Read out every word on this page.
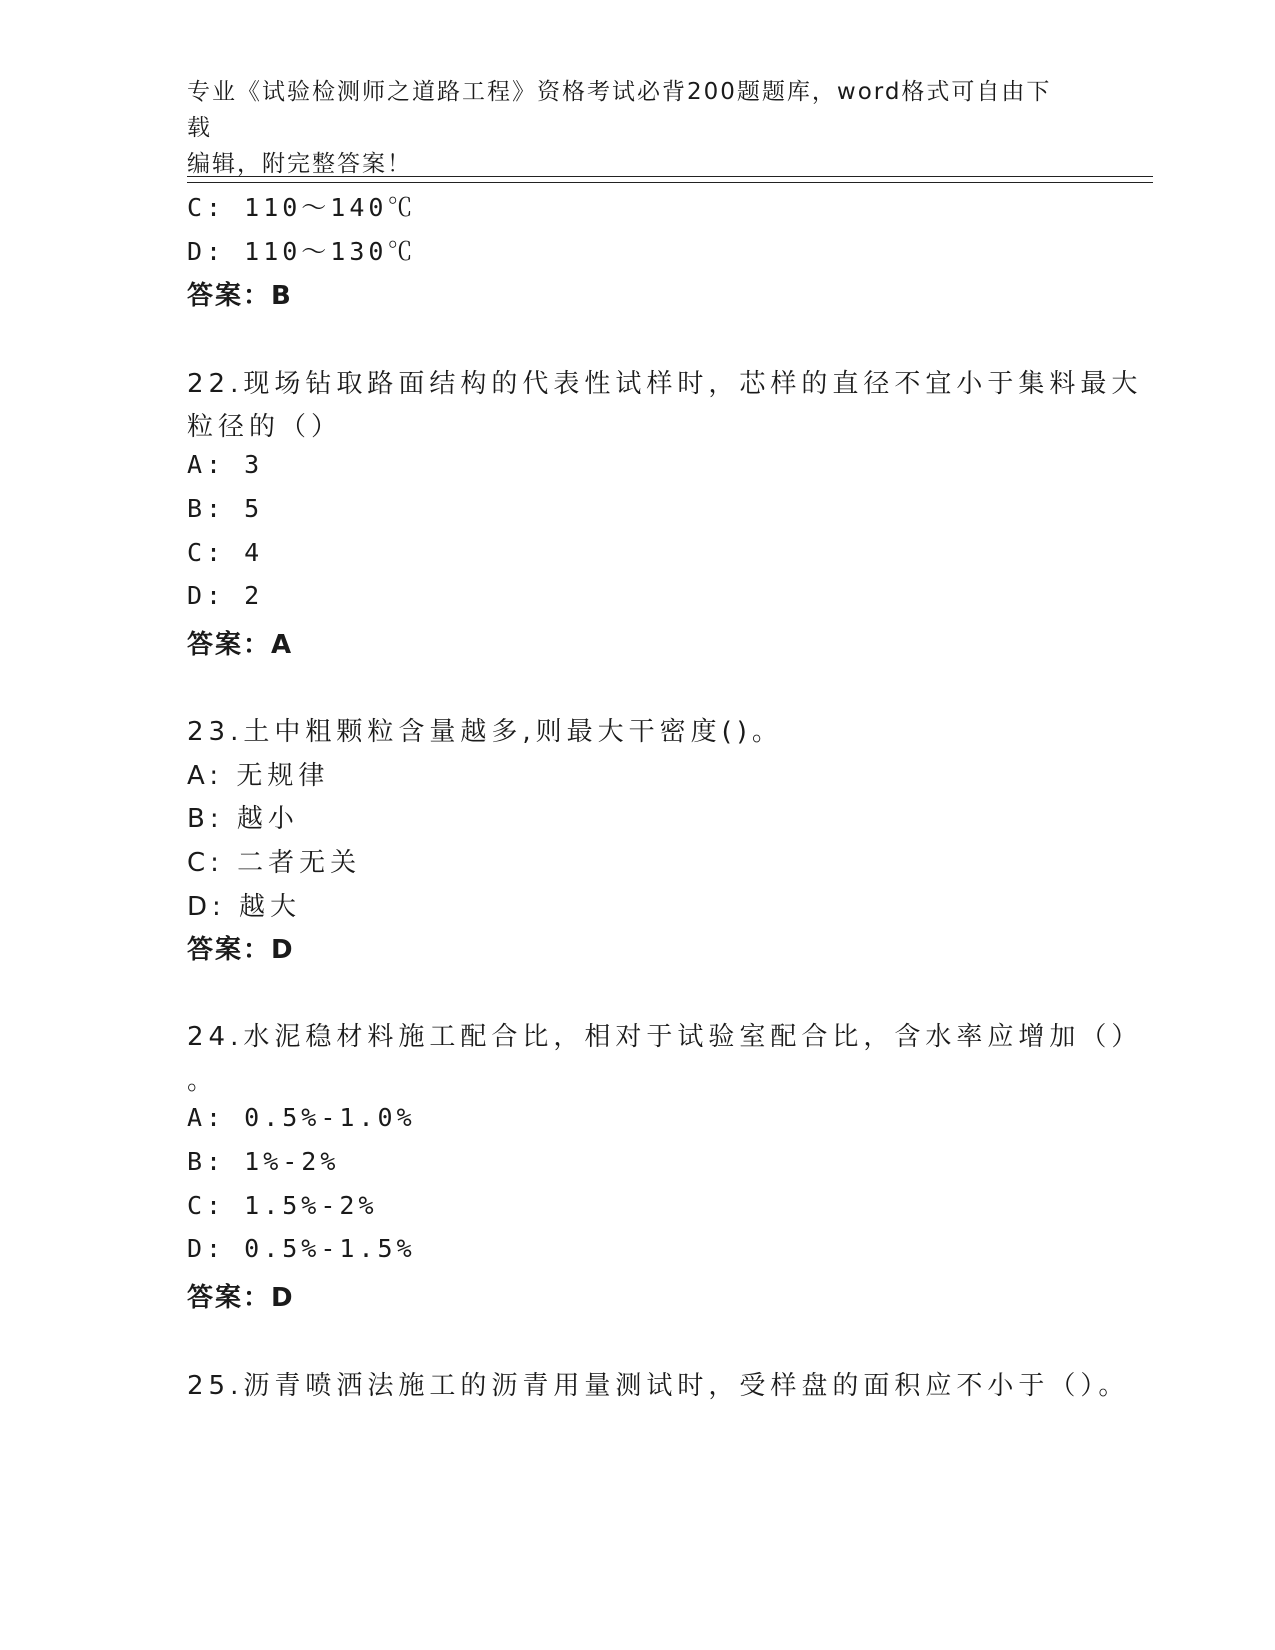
专业《试验检测师之道路工程》资格考试必背200题题库，word格式可自由下载
编辑，附完整答案！
C: 110～140℃
D: 110～130℃
答案：B
22.现场钻取路面结构的代表性试样时，芯样的直径不宜小于集料最大
粒径的（）
A: 3
B: 5
C: 4
D: 2
答案：A
23.土中粗颗粒含量越多,则最大干密度()。
A: 无规律
B: 越小
C: 二者无关
D: 越大
答案：D
24.水泥稳材料施工配合比，相对于试验室配合比，含水率应增加（）
。
A: 0.5%-1.0%
B: 1%-2%
C: 1.5%-2%
D: 0.5%-1.5%
答案：D
25.沥青喷洒法施工的沥青用量测试时，受样盘的面积应不小于（）。
